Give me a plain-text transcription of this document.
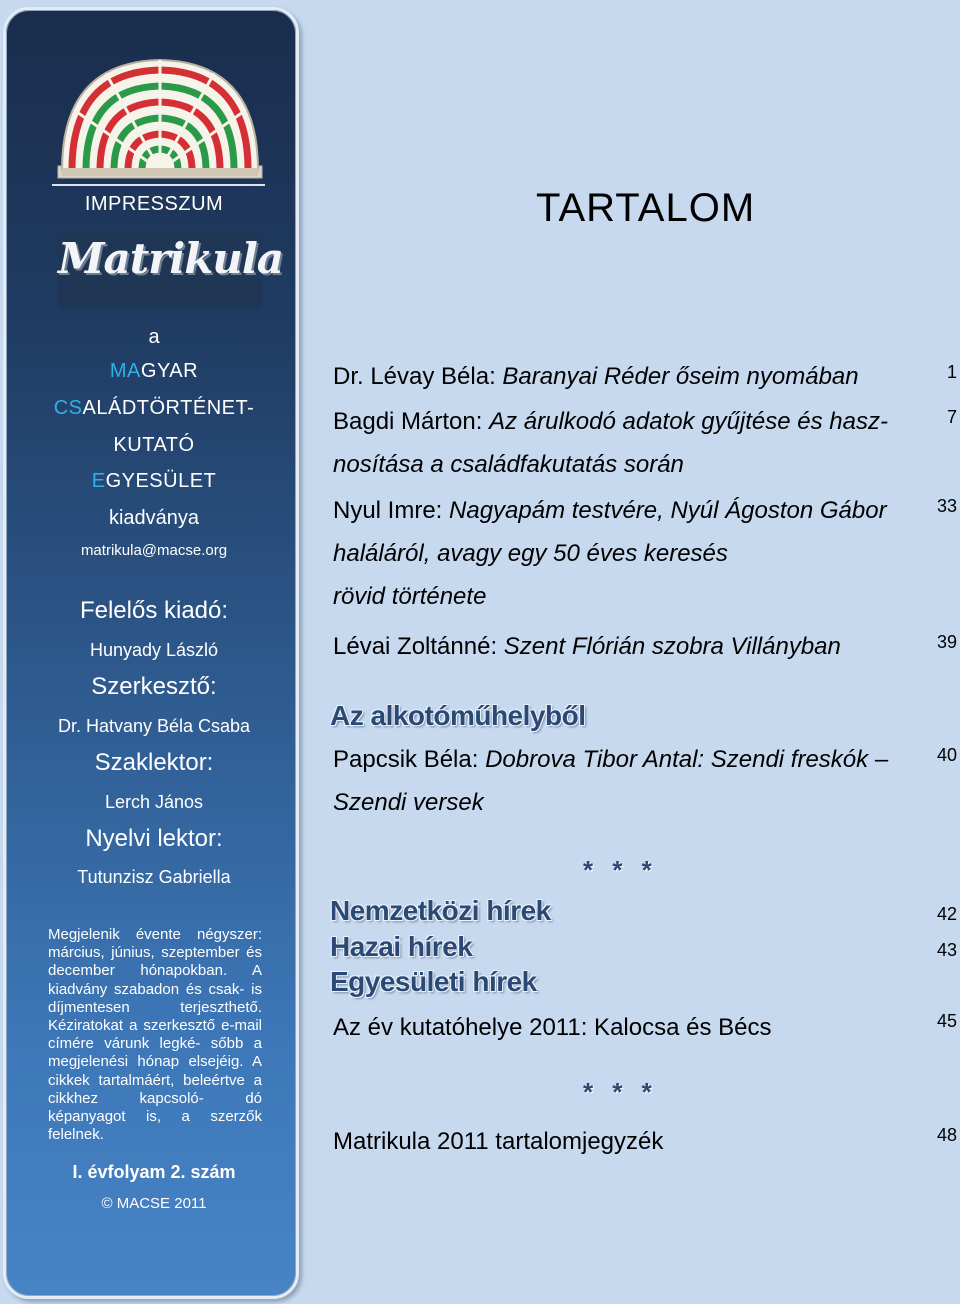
IMPRESSZUM
Matrikula
a
MAGYAR
CSALÁDTÖRTÉNET-
KUTATÓ
EGYESÜLET
kiadványa
matrikula@macse.org
Felelős kiadó:
Hunyady László
Szerkesztő:
Dr. Hatvany Béla Csaba
Szaklektor:
Lerch János
Nyelvi lektor:
Tutunzisz Gabriella
Megjelenik évente négyszer: március, június, szeptember és december hónapokban. A kiadvány szabadon és csak- is díjmentesen terjeszthető. Kéziratokat a szerkesztő e-mail címére várunk legké- sőbb a megjelenési hónap elsejéig. A cikkek tartalmáért, beleértve a cikkhez kapcsoló-	dó képanyagot is, a szerzők felelnek.
I. évfolyam 2. szám
© MACSE 2011
TARTALOM
Dr. Lévay Béla: Baranyai Réder őseim nyomában	1
Bagdi Márton: Az árulkodó adatok gyűjtése és hasz-
nosítása a családfakutatás során
7
Nyul Imre: Nagyapám testvére, Nyúl Ágoston Gábor
haláláról, avagy egy 50 éves keresés
rövid története
33
Lévai Zoltánné: Szent Flórián szobra Villányban	39
Az alkotóműhelyből
Papcsik Béla: Dobrova Tibor Antal: Szendi freskók –
Szendi versek
40
* * *
Nemzetközi hírek	42
Hazai hírek	43
Egyesületi hírek
Az év kutatóhelye 2011: Kalocsa és Bécs	45
* * *
Matrikula 2011 tartalomjegyzék	48
